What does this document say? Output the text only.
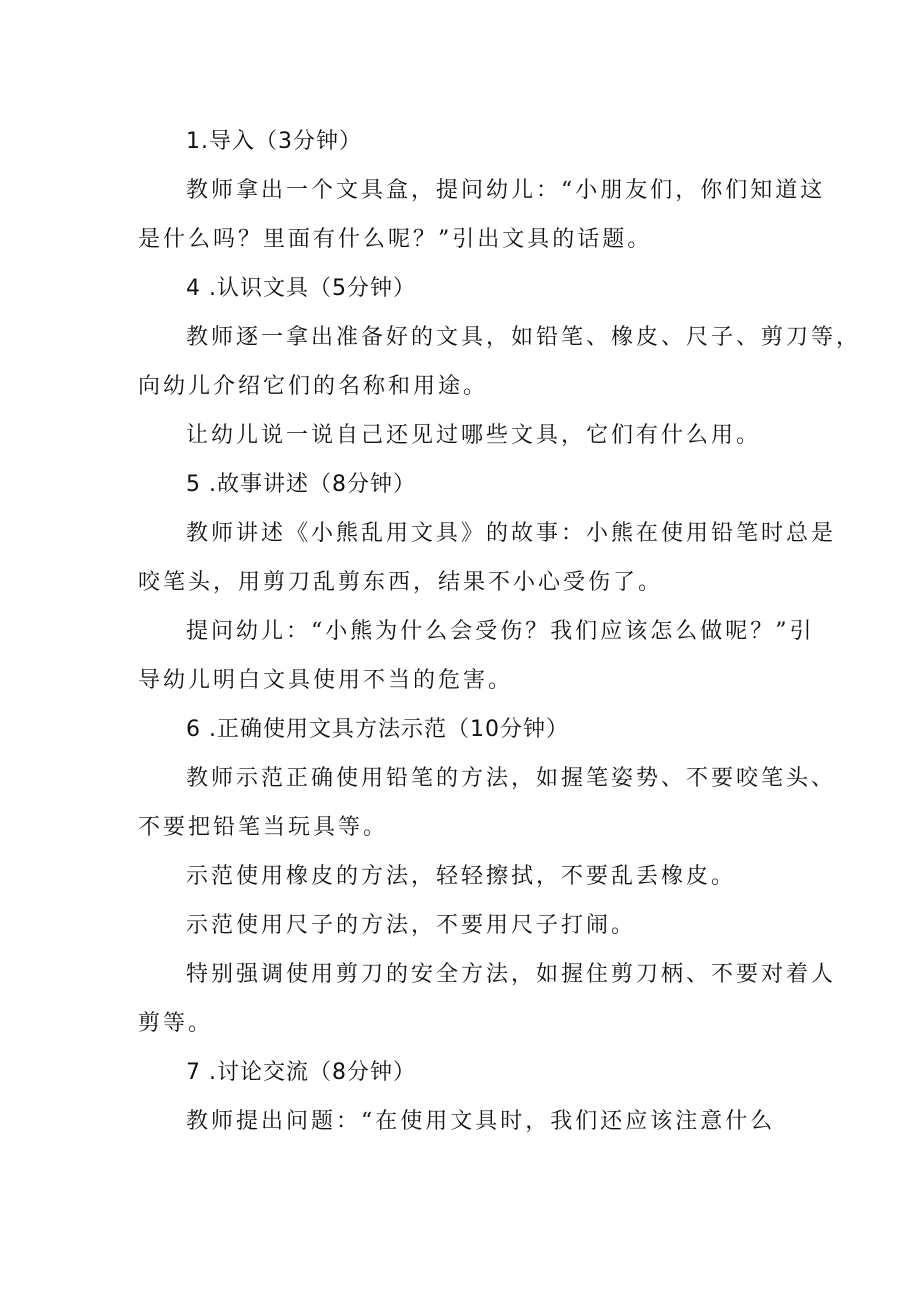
1.导入（3分钟）
教师拿出一个文具盒，提问幼儿：“小朋友们，你们知道这
是什么吗？里面有什么呢？”引出文具的话题。
4 .认识文具（5分钟）
教师逐一拿出准备好的文具，如铅笔、橡皮、尺子、剪刀等，
向幼儿介绍它们的名称和用途。
让幼儿说一说自己还见过哪些文具，它们有什么用。
5 .故事讲述（8分钟）
教师讲述《小熊乱用文具》的故事：小熊在使用铅笔时总是
咬笔头，用剪刀乱剪东西，结果不小心受伤了。
提问幼儿：“小熊为什么会受伤？我们应该怎么做呢？”引
导幼儿明白文具使用不当的危害。
6 .正确使用文具方法示范（10分钟）
教师示范正确使用铅笔的方法，如握笔姿势、不要咬笔头、
不要把铅笔当玩具等。
示范使用橡皮的方法，轻轻擦拭，不要乱丢橡皮。
示范使用尺子的方法，不要用尺子打闹。
特别强调使用剪刀的安全方法，如握住剪刀柄、不要对着人
剪等。
7 .讨论交流（8分钟）
教师提出问题：“在使用文具时，我们还应该注意什么
